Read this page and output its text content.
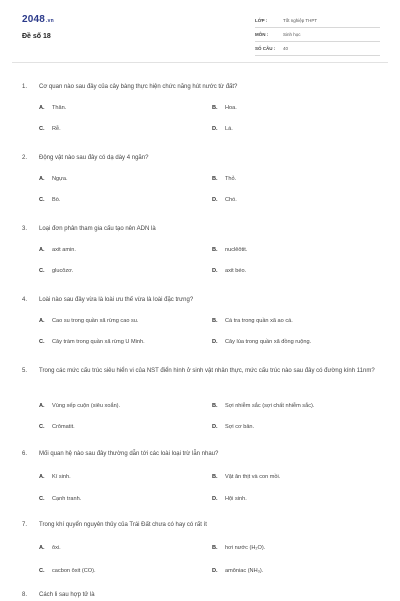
2048.vn
Đề số 18
LỚP :	Tốt nghiệp THPT
MÔN :	Sinh học
SỐ CÂU :	40
1. Cơ quan nào sau đây của cây bàng thực hiện chức năng hút nước từ đất?
A. Thân.	B. Hoa.
C. Rễ.	D. Lá.
2. Động vật nào sau đây có dạ dày 4 ngăn?
A. Ngựa.	B. Thỏ.
C. Bò.	D. Chó.
3. Loại đơn phân tham gia cấu tạo nên ADN là
A. axit amin.	B. nuclêôtit.
C. glucôzơ.	D. axit béo.
4. Loài nào sau đây vừa là loài ưu thế vừa là loài đặc trưng?
A. Cao su trong quần xã rừng cao su.	B. Cá tra trong quần xã ao cá.
C. Cây tràm trong quần xã rừng U Minh.	D. Cây lúa trong quần xã đồng ruộng.
5. Trong các mức cấu trúc siêu hiển vi của NST điển hình ở sinh vật nhân thực, mức cấu trúc nào sau đây có đường kính 11nm?
A. Vùng xếp cuộn (siêu xoắn).	B. Sợi nhiễm sắc (sợi chất nhiễm sắc).
C. Crômatit.	D. Sợi cơ bản.
6. Mối quan hệ nào sau đây thường dẫn tới các loài loại trừ lẫn nhau?
A. Kí sinh.	B. Vật ăn thịt và con mồi.
C. Cạnh tranh.	D. Hội sinh.
7. Trong khí quyển nguyên thủy của Trái Đất chưa có hay có rất ít
A. ôxi.	B. hơi nước (H₂O).
C. cacbon ôxit (CO).	D. amôniac (NH₃).
8. Cách li sau hợp tử là
